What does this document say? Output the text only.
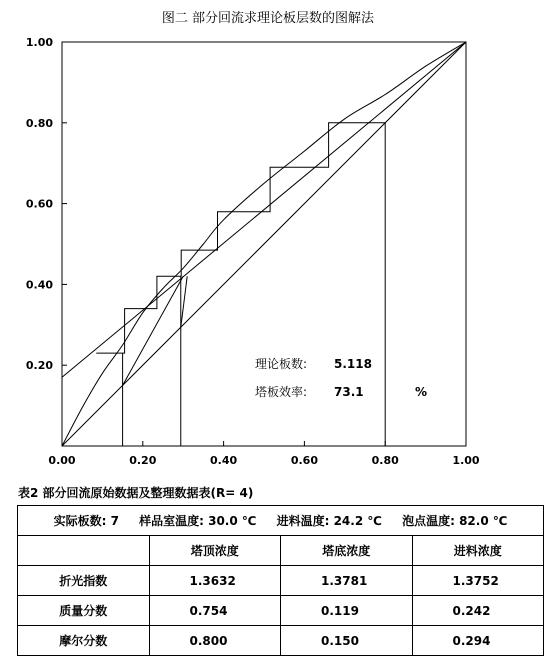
图二 部分回流求理论板层数的图解法
0.20
0.40
0.60
0.80
1.00
0.00	0.20	0.40	0.60	0.80	1.00
理论板数: 5.118
塔板效率: 73.1	%
表2 部分回流原始数据及整理数据表(R= 4)
实际板数: 7 样品室温度: 30.0 ℃ 进料温度: 24.2 ℃ 泡点温度: 82.0 ℃			
	塔顶浓度	塔底浓度	进料浓度
折光指数	1.3632	1.3781	1.3752
质量分数	0.754	0.119	0.242
摩尔分数	0.800	0.150	0.294
